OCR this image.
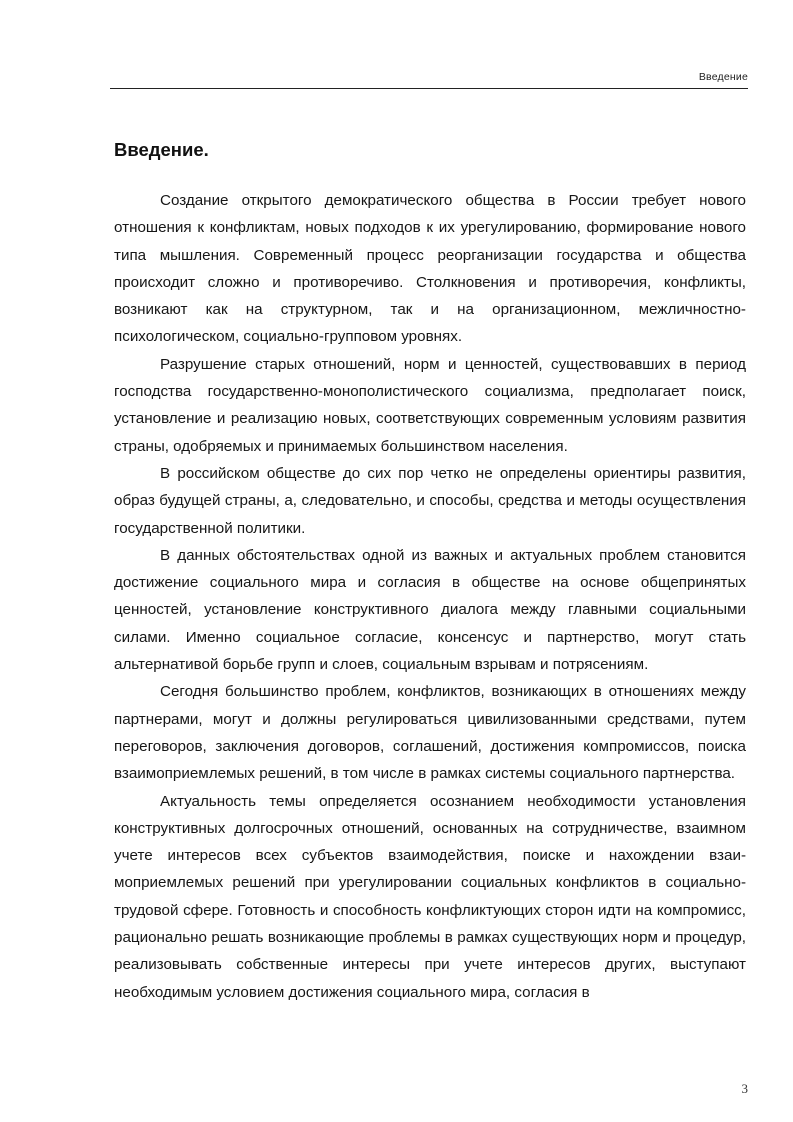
Введение
Введение.

Создание открытого демократического общества в России требует нового отношения к конфликтам, новых подходов к их урегулированию, формирование нового типа мышления. Современный процесс реорганизации государства и общества происходит сложно и противоречиво. Столкновения и противоречия, конфликты, возникают как на структурном, так и на организационном, межличностно-психологическом, социально-групповом уровнях.

Разрушение старых отношений, норм и ценностей, существовавших в период господства государственно-монополистического социализма, предполагает поиск, установление и реализацию новых, соответствующих современным условиям развития страны, одобряемых и принимаемых большинством населения.

В российском обществе до сих пор четко не определены ориентиры развития, образ будущей страны, а, следовательно, и способы, средства и методы осуществления государственной политики.

В данных обстоятельствах одной из важных и актуальных проблем становится достижение социального мира и согласия в обществе на основе общепринятых ценностей, установление конструктивного диалога между главными социальными силами. Именно социальное согласие, консенсус и партнерство, могут стать альтернативой борьбе групп и слоев, социальным взрывам и потрясениям.

Сегодня большинство проблем, конфликтов, возникающих в отношениях между партнерами, могут и должны регулироваться цивилизованными средствами, путем переговоров, заключения договоров, соглашений, достижения компромиссов, поиска взаимоприемлемых решений, в том числе в рамках системы социального партнерства.

Актуальность темы определяется осознанием необходимости установления конструктивных долгосрочных отношений, основанных на сотрудничестве, взаимном учете интересов всех субъектов взаимодействия, поиске и нахождении взаимоприемлемых решений при урегулировании социальных конфликтов в социально-трудовой сфере. Готовность и способность конфликтующих сторон идти на компромисс, рационально решать возникающие проблемы в рамках существующих норм и процедур, реализовывать собственные интересы при учете интересов других, выступают необходимым условием достижения социального мира, согласия в

3
